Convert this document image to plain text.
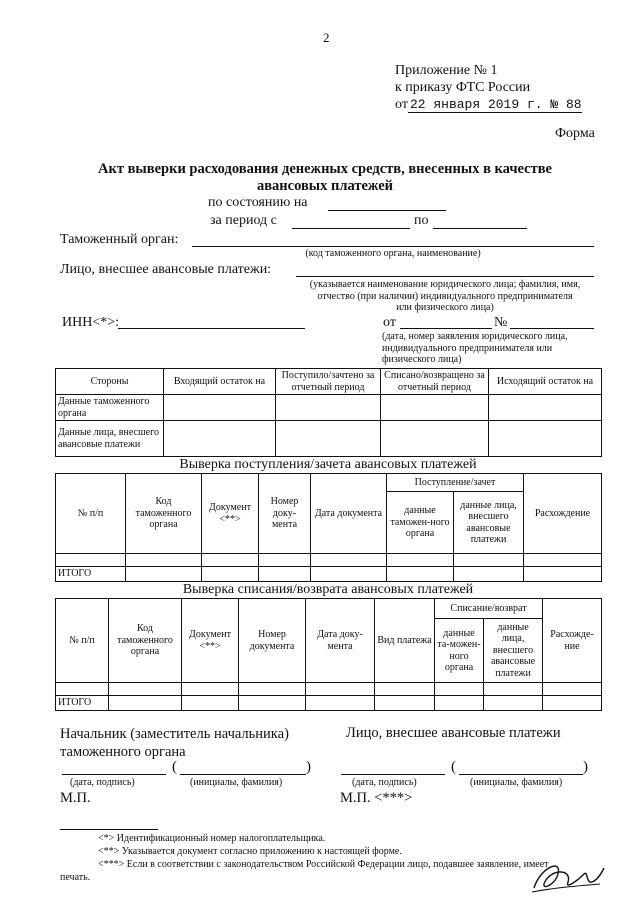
2
Приложение № 1
к приказу ФТС России
от 22 января 2019 г. № 88
Форма
Акт выверки расходования денежных средств, внесенных в качестве
авансовых платежей
по состоянию на
за период с	по
Таможенный орган:
(код таможенного органа, наименование)
Лицо, внесшее авансовые платежи:
(указывается наименование юридического лица; фамилия, имя,
отчество (при наличии) индивидуального предпринимателя
или физического лица)
ИНН<*>:	от	№
(дата, номер заявления юридического лица,
индивидуального предпринимателя или
физического лица)
Стороны	Входящий остаток на	Поступило/зачтено за отчетный период	Списано/возвращено за отчетный период	Исходящий остаток на
Данные таможенного органа				
Данные лица, внесшего авансовые платежи				
Выверка поступления/зачета авансовых платежей
№ п/п	Код таможенного органа	Документ <**>	Номер доку-мента	Дата документа	Поступление/зачет		Расхождение
					данные таможен-ного органа	данные лица, внесшего авансовые платежи	

ИТОГО							
Выверка списания/возврата авансовых платежей
№ п/п	Код таможенного органа	Документ <**>	Номер документа	Дата доку-мента	Вид платежа	Списание/возврат		Расхожде-ние
						данные та-можен-ного органа	данные лица, внесшего авансовые платежи	

ИТОГО								
Начальник (заместитель начальника)
таможенного органа
Лицо, внесшее авансовые платежи
(	)
(дата, подпись)	(инициалы, фамилия)
М.П.
(	)
(дата, подпись)	(инициалы, фамилия)
М.П. <***>
<*> Идентификационный номер налогоплательщика.
<**> Указывается документ согласно приложению к настоящей форме.
<***> Если в соответствии с законодательством Российской Федерации лицо, подавшее заявление, имеет
печать.
